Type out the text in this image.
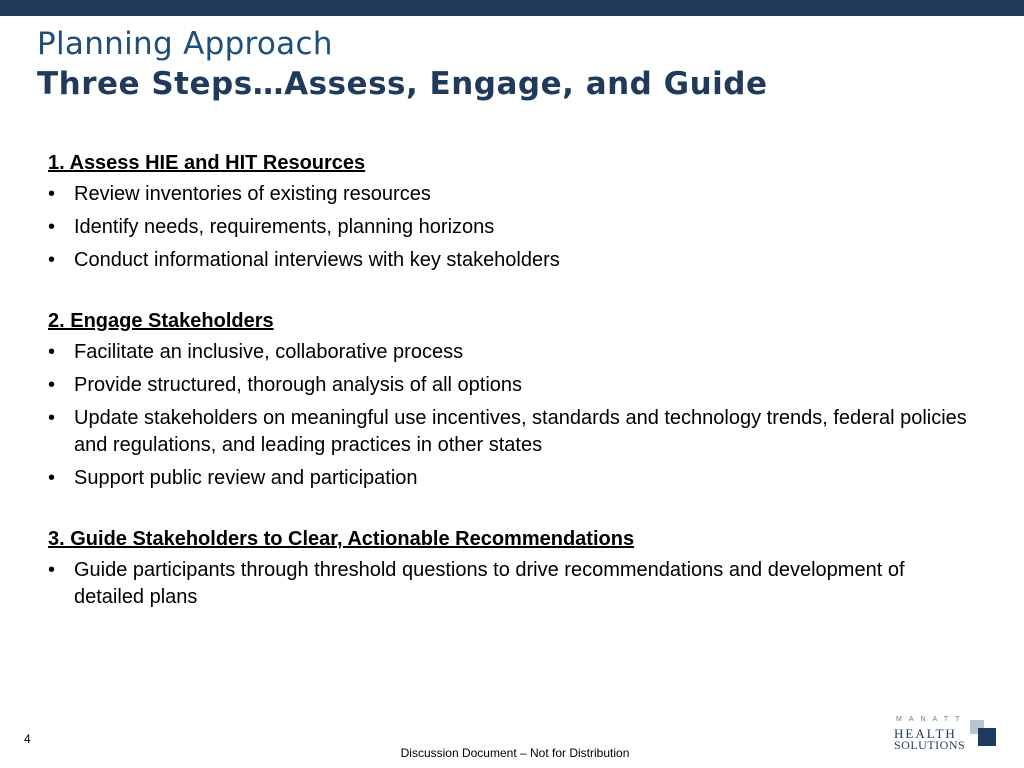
Planning Approach
Three Steps…Assess, Engage, and Guide
1. Assess HIE and HIT Resources
• Review inventories of existing resources
• Identify needs, requirements, planning horizons
• Conduct informational interviews with key stakeholders
2. Engage Stakeholders
• Facilitate an inclusive, collaborative process
• Provide structured, thorough analysis of all options
• Update stakeholders on meaningful use incentives, standards and technology trends, federal policies and regulations, and leading practices in other states
• Support public review and participation
3. Guide Stakeholders to Clear, Actionable Recommendations
• Guide participants through threshold questions to drive recommendations and development of detailed plans
4
Discussion Document – Not for Distribution
MANATT
HEALTH
SOLUTIONS
